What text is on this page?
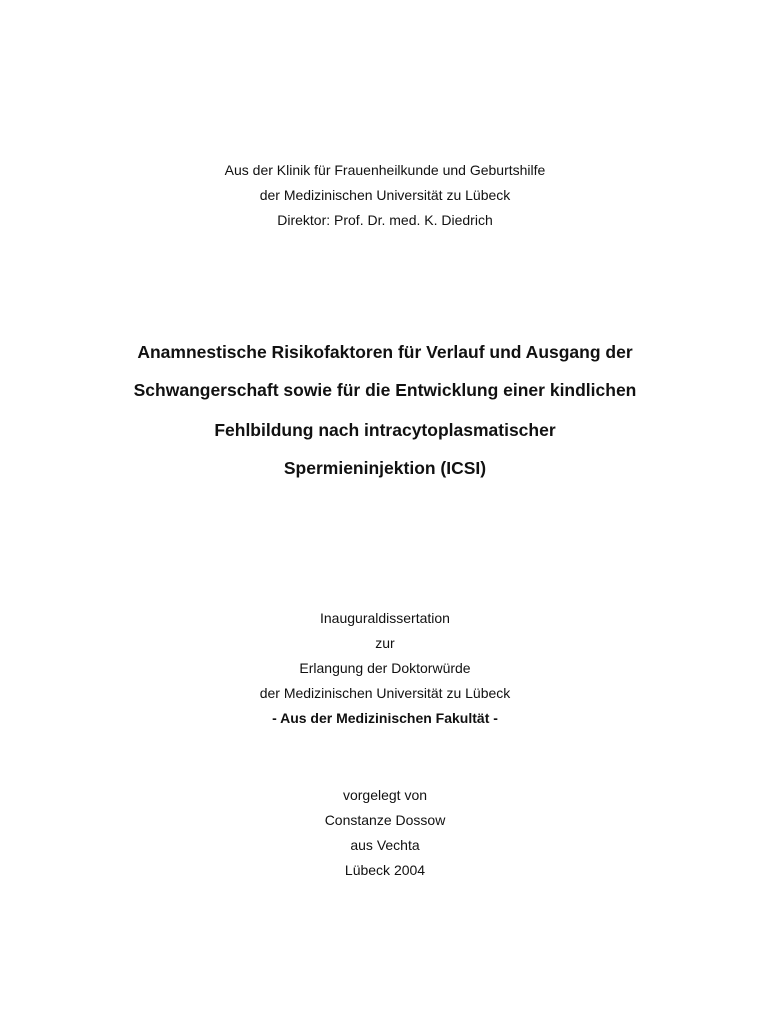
Aus der Klinik für Frauenheilkunde und Geburtshilfe
der Medizinischen Universität zu Lübeck
Direktor: Prof. Dr. med. K. Diedrich
Anamnestische Risikofaktoren für Verlauf und Ausgang der
Schwangerschaft sowie für die Entwicklung einer kindlichen
Fehlbildung nach intracytoplasmatischer
Spermieninjektion (ICSI)
Inauguraldissertation
zur
Erlangung der Doktorwürde
der Medizinischen Universität zu Lübeck
- Aus der Medizinischen Fakultät -
vorgelegt von
Constanze Dossow
aus Vechta
Lübeck 2004
